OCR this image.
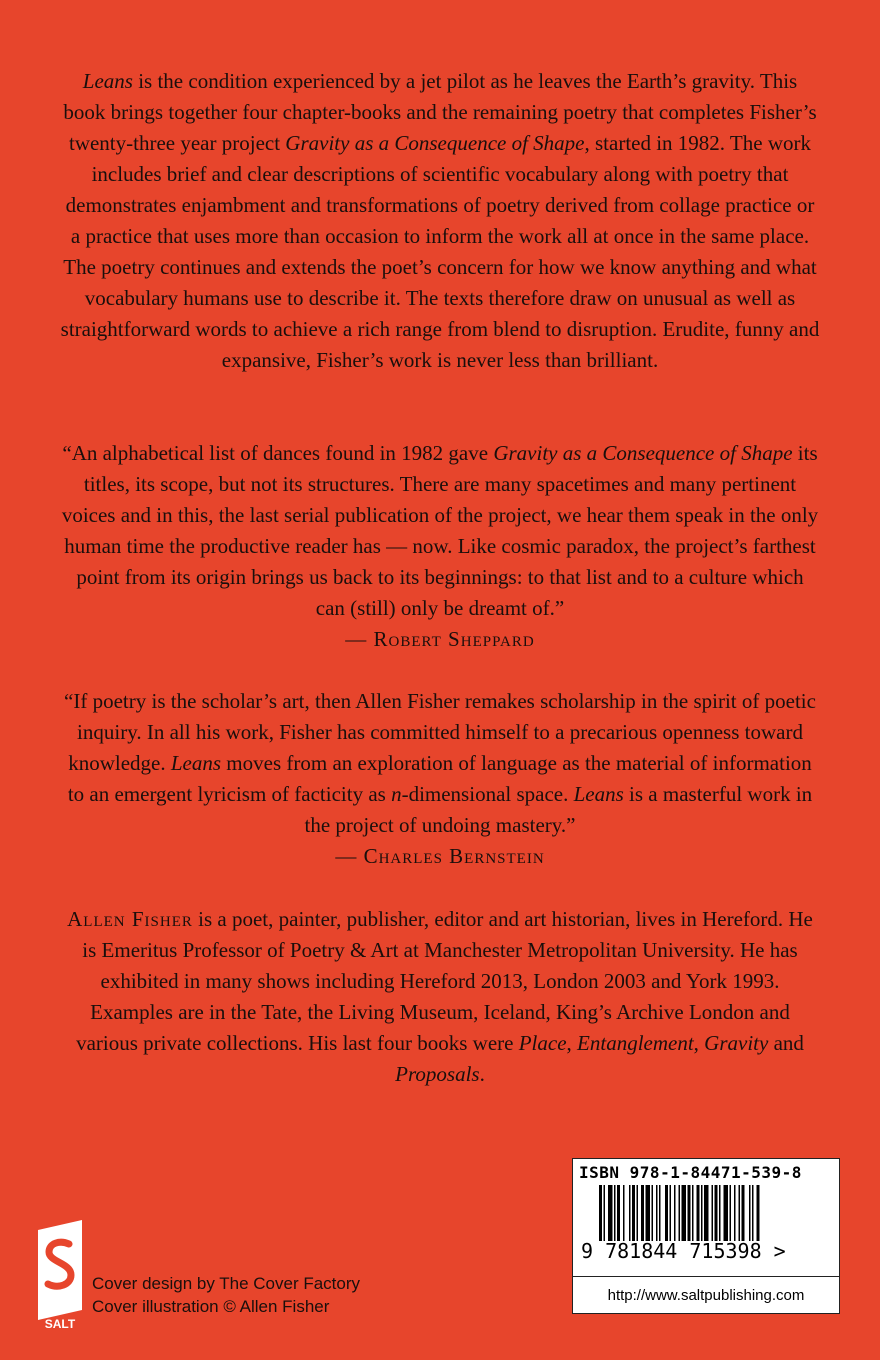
Leans is the condition experienced by a jet pilot as he leaves the Earth’s gravity. This book brings together four chapter-books and the remaining poetry that completes Fisher’s twenty-three year project Gravity as a Consequence of Shape, started in 1982. The work includes brief and clear descriptions of scientific vocabulary along with poetry that demonstrates enjambment and transformations of poetry derived from collage practice or a practice that uses more than occasion to inform the work all at once in the same place. The poetry continues and extends the poet’s concern for how we know anything and what vocabulary humans use to describe it. The texts therefore draw on unusual as well as straightforward words to achieve a rich range from blend to disruption. Erudite, funny and expansive, Fisher’s work is never less than brilliant.

“An alphabetical list of dances found in 1982 gave Gravity as a Consequence of Shape its titles, its scope, but not its structures. There are many spacetimes and many pertinent voices and in this, the last serial publication of the project, we hear them speak in the only human time the productive reader has — now. Like cosmic paradox, the project’s farthest point from its origin brings us back to its beginnings: to that list and to a culture which can (still) only be dreamt of.”

— Robert Sheppard

“If poetry is the scholar’s art, then Allen Fisher remakes scholarship in the spirit of poetic inquiry. In all his work, Fisher has committed himself to a precarious openness toward knowledge. Leans moves from an exploration of language as the material of information to an emergent lyricism of facticity as n-dimensional space. Leans is a masterful work in the project of undoing mastery.”

— Charles Bernstein

Allen Fisher is a poet, painter, publisher, editor and art historian, lives in Hereford. He is Emeritus Professor of Poetry & Art at Manchester Metropolitan University. He has exhibited in many shows including Hereford 2013, London 2003 and York 1993. Examples are in the Tate, the Living Museum, Iceland, King’s Archive London and various private collections. His last four books were Place, Entanglement, Gravity and Proposals.

SALT
Cover design by The Cover Factory
Cover illustration © Allen Fisher
ISBN 978-1-84471-539-8
9 781844 715398 >
http://www.saltpublishing.com
